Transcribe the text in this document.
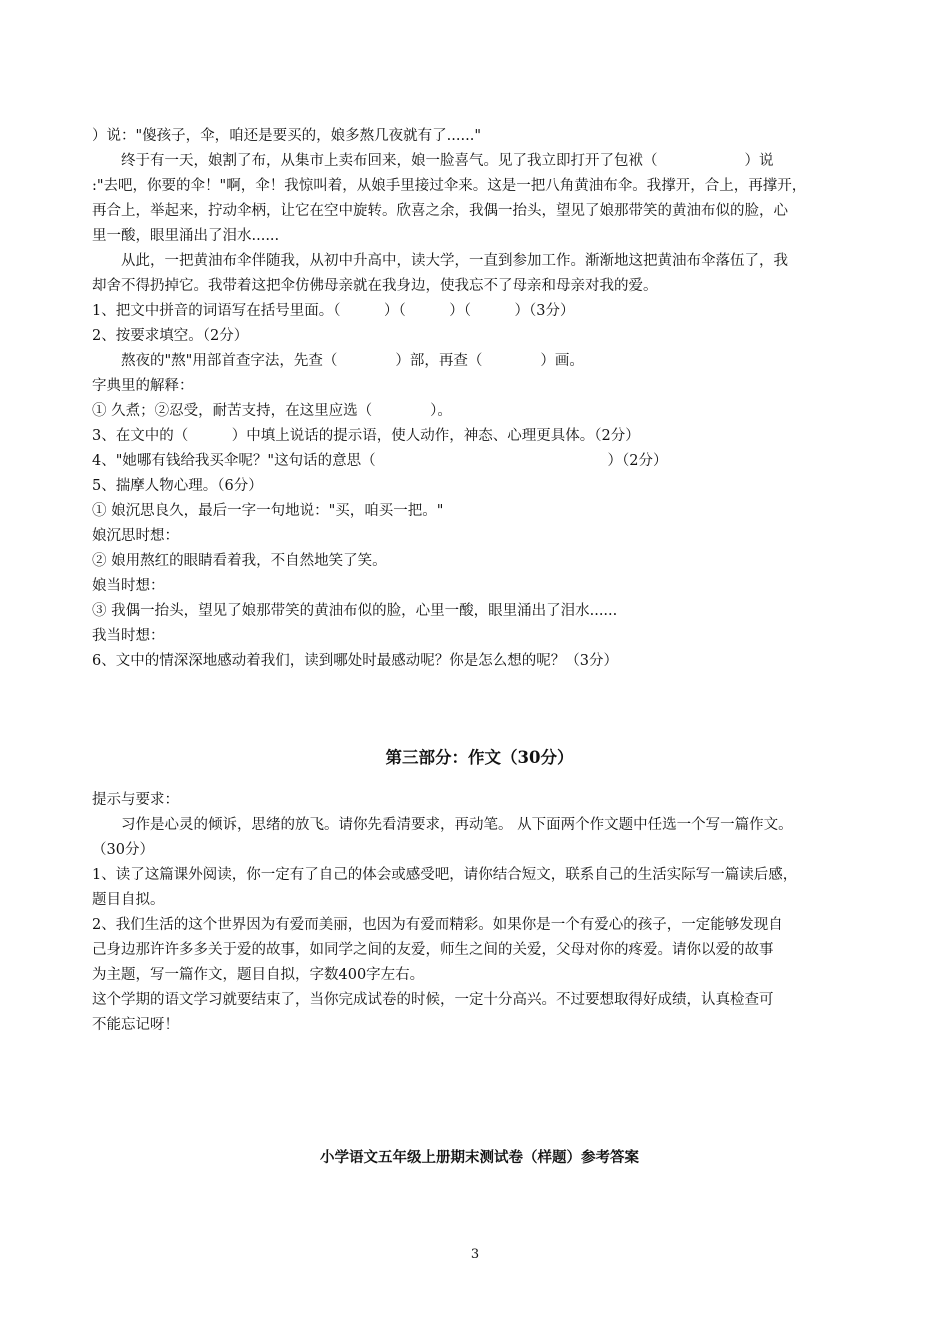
）说："傻孩子，伞，咱还是要买的，娘多熬几夜就有了......"

终于有一天，娘割了布，从集市上卖布回来，娘一脸喜气。见了我立即打开了包袱（　　　　　　）说

:"去吧，你要的伞！"啊，伞！我惊叫着，从娘手里接过伞来。这是一把八角黄油布伞。我撑开，合上，再撑开，

再合上，举起来，拧动伞柄，让它在空中旋转。欣喜之余，我偶一抬头，望见了娘那带笑的黄油布似的脸，心

里一酸，眼里涌出了泪水......

从此，一把黄油布伞伴随我，从初中升高中，读大学，一直到参加工作。渐渐地这把黄油布伞落伍了，我

却舍不得扔掉它。我带着这把伞仿佛母亲就在我身边，使我忘不了母亲和母亲对我的爱。

1、把文中拼音的词语写在括号里面。（　　　）（　　　）（　　　）（3分）

2、按要求填空。（2分）

熬夜的"熬"用部首查字法，先查（　　　　）部，再查（　　　　）画。

字典里的解释：

① 久煮；②忍受，耐苦支持，在这里应选（　　　　）。

3、在文中的（　　　）中填上说话的提示语，使人动作，神态、心理更具体。（2分）

4、"她哪有钱给我买伞呢？"这句话的意思（　　　　　　　　　　　　　　　　）（2分）

5、揣摩人物心理。（6分）

① 娘沉思良久，最后一字一句地说："买，咱买一把。"

娘沉思时想：

② 娘用熬红的眼睛看着我，不自然地笑了笑。

娘当时想：

③ 我偶一抬头，望见了娘那带笑的黄油布似的脸，心里一酸，眼里涌出了泪水......

我当时想：

6、文中的情深深地感动着我们，读到哪处时最感动呢？你是怎么想的呢？（3分）

第三部分：作文（30分）

提示与要求：

习作是心灵的倾诉，思绪的放飞。请你先看清要求，再动笔。 从下面两个作文题中任选一个写一篇作文。

（30分）

1、读了这篇课外阅读，你一定有了自己的体会或感受吧，请你结合短文，联系自己的生活实际写一篇读后感，

题目自拟。

2、我们生活的这个世界因为有爱而美丽，也因为有爱而精彩。如果你是一个有爱心的孩子，一定能够发现自

己身边那许许多多关于爱的故事，如同学之间的友爱，师生之间的关爱，父母对你的疼爱。请你以爱的故事

为主题，写一篇作文，题目自拟，字数400字左右。

这个学期的语文学习就要结束了，当你完成试卷的时候，一定十分高兴。不过要想取得好成绩，认真检查可

不能忘记呀！

小学语文五年级上册期末测试卷（样题）参考答案

3
